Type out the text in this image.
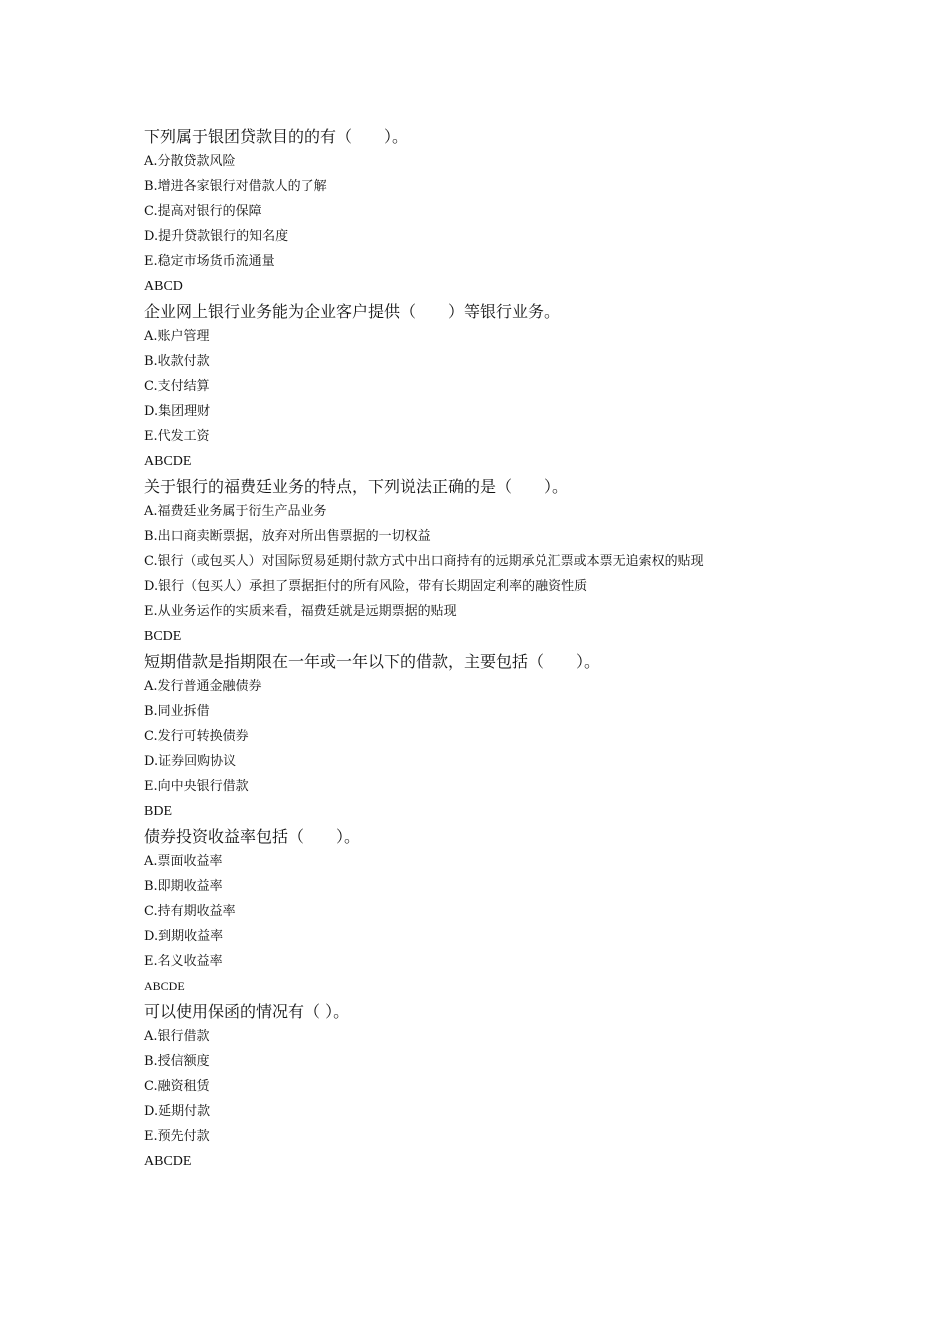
下列属于银团贷款目的的有（　　）。
A.分散贷款风险
B.增进各家银行对借款人的了解
C.提高对银行的保障
D.提升贷款银行的知名度
E.稳定市场货币流通量
ABCD
企业网上银行业务能为企业客户提供（　　）等银行业务。
A.账户管理
B.收款付款
C.支付结算
D.集团理财
E.代发工资
ABCDE
关于银行的福费廷业务的特点，下列说法正确的是（　　）。
A.福费廷业务属于衍生产品业务
B.出口商卖断票据，放弃对所出售票据的一切权益
C.银行（或包买人）对国际贸易延期付款方式中出口商持有的远期承兑汇票或本票无追索权的贴现
D.银行（包买人）承担了票据拒付的所有风险，带有长期固定利率的融资性质
E.从业务运作的实质来看，福费廷就是远期票据的贴现
BCDE
短期借款是指期限在一年或一年以下的借款，主要包括（　　）。
A.发行普通金融债券
B.同业拆借
C.发行可转换债券
D.证券回购协议
E.向中央银行借款
BDE
债券投资收益率包括（　　）。
A.票面收益率
B.即期收益率
C.持有期收益率
D.到期收益率
E.名义收益率
ABCDE
可以使用保函的情况有（ ）。
A.银行借款
B.授信额度
C.融资租赁
D.延期付款
E.预先付款
ABCDE
